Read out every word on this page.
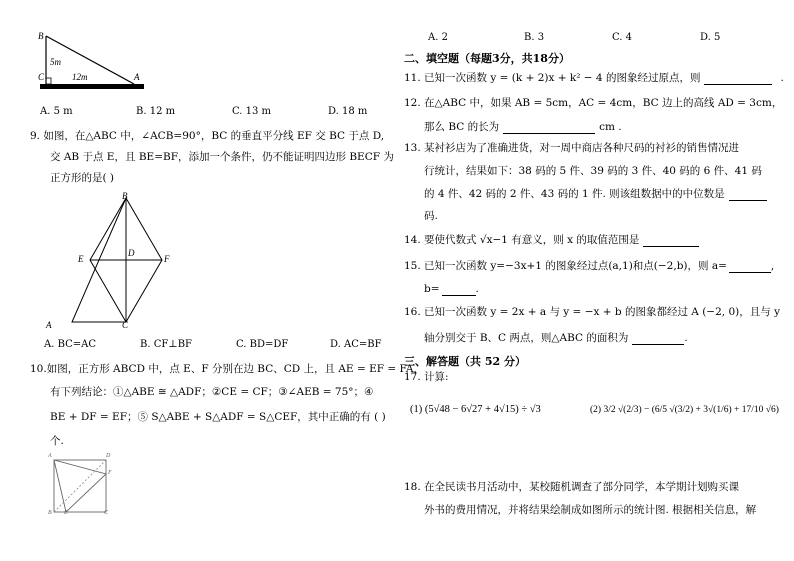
B
C	A
5m
12m
A. 5 m	B. 12 m	C. 13 m	D. 18 m
9. 如图，在△ABC 中，∠ACB=90°，BC 的垂直平分线 EF 交 BC 于点 D,
交 AB 于点 E，且 BE=BF，添加一个条件，仍不能证明四边形 BECF 为
正方形的是( )
B
E
D
F
A	C
A. BC=AC	B. CF⊥BF	C. BD=DF	D. AC=BF
10.如图，正方形 ABCD 中，点 E、F 分别在边 BC、CD 上，且 AE = EF = FA，
有下列结论：①△ABE ≅ △ADF；②CE = CF；③∠AEB = 75°；④
BE + DF = EF；⑤ S△ABE + S△ADF = S△CEF，其中正确的有 ( )
个.
A	D
F
B E	C
A. 2	B. 3	C. 4	D. 5
二、填空题（每题3分，共18分）
11. 已知一次函数 y = (k + 2)x + k² − 4 的图象经过原点，则	.
12. 在△ABC 中，如果 AB = 5cm，AC = 4cm，BC 边上的高线 AD = 3cm，
那么 BC 的长为	cm .
13. 某衬衫店为了准确进货，对一周中商店各种尺码的衬衫的销售情况进
行统计，结果如下：38 码的 5 件、39 码的 3 件、40 码的 6 件、41 码
的 4 件、42 码的 2 件、43 码的 1 件. 则该组数据中的中位数是
码.
14. 要使代数式 √x−1 有意义，则 x 的取值范围是
15. 已知一次函数 y=−3x+1 的图象经过点(a,1)和点(−2,b)，则 a=	,
b=	.
16. 已知一次函数 y = 2x + a 与 y = −x + b 的图象都经过 A (−2, 0)，且与 y
轴分别交于 B、C 两点，则△ABC 的面积为	.
三、解答题（共 52 分）
17. 计算:
(1) (5√48 − 6√27 + 4√15) ÷ √3	(2) 3/2 √(2/3) − (6/5 √(3/2) + 3√(1/6) + 17/10 √6)
18. 在全民读书月活动中，某校随机调查了部分同学，本学期计划购买课
外书的费用情况，并将结果绘制成如图所示的统计图. 根据相关信息，解
